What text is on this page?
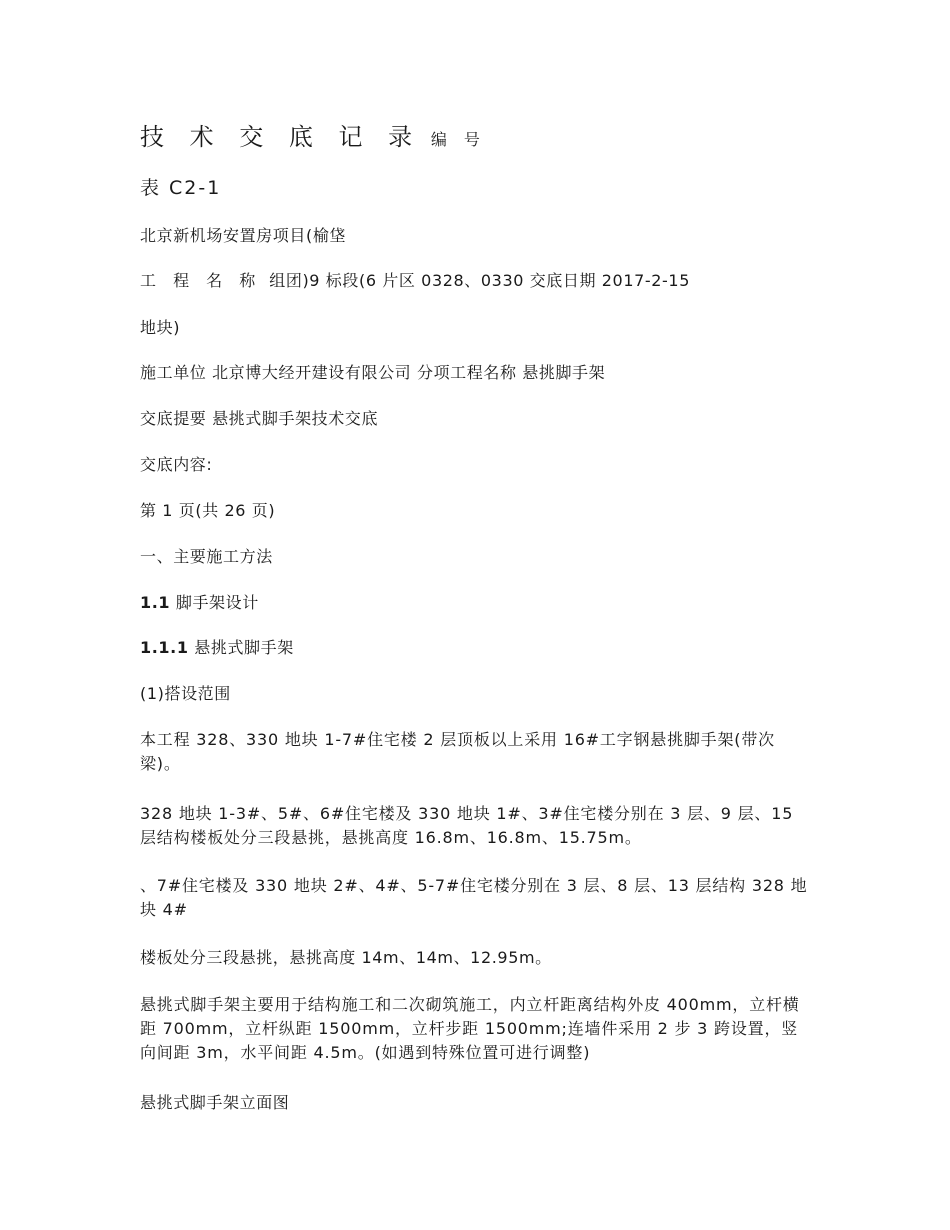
技 术 交 底 记 录 编 号
表 C2-1
北京新机场安置房项目(榆垡
工 程 名 称 组团)9 标段(6 片区 0328、0330 交底日期 2017-2-15
地块)
施工单位 北京博大经开建设有限公司 分项工程名称 悬挑脚手架
交底提要 悬挑式脚手架技术交底
交底内容:
第 1 页(共 26 页)
一、主要施工方法
1.1 脚手架设计
1.1.1 悬挑式脚手架
(1)搭设范围
本工程 328、330 地块 1-7#住宅楼 2 层顶板以上采用 16#工字钢悬挑脚手架(带次梁)。
328 地块 1-3#、5#、6#住宅楼及 330 地块 1#、3#住宅楼分别在 3 层、9 层、15 层结构楼板处分三段悬挑，悬挑高度 16.8m、16.8m、15.75m。
、7#住宅楼及 330 地块 2#、4#、5-7#住宅楼分别在 3 层、8 层、13 层结构 328 地块 4#
楼板处分三段悬挑，悬挑高度 14m、14m、12.95m。
悬挑式脚手架主要用于结构施工和二次砌筑施工，内立杆距离结构外皮 400mm，立杆横距 700mm，立杆纵距 1500mm，立杆步距 1500mm;连墙件采用 2 步 3 跨设置，竖向间距 3m，水平间距 4.5m。(如遇到特殊位置可进行调整)
悬挑式脚手架立面图
